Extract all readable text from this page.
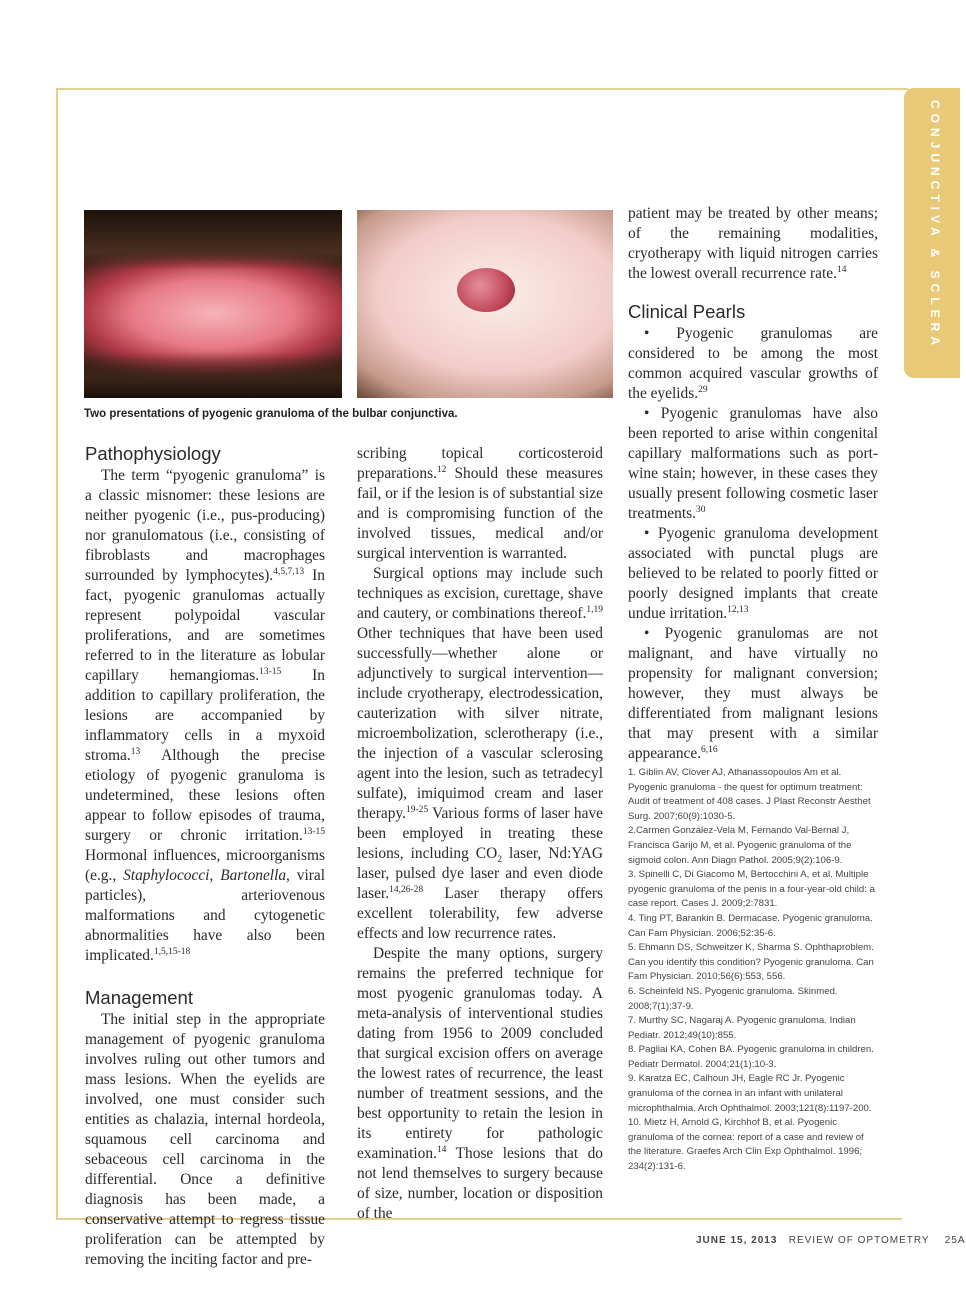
CONJUNCTIVA & SCLERA
Two presentations of pyogenic granuloma of the bulbar conjunctiva.
Pathophysiology

The term “pyogenic granuloma” is a classic misnomer: these lesions are neither pyogenic (i.e., pus-producing) nor granulomatous (i.e., consisting of fibroblasts and macrophages surrounded by lymphocytes).$^{4,5,7,13}$ In fact, pyogenic granulomas actually represent polypoidal vascular proliferations, and are sometimes referred to in the literature as lobular capillary hemangiomas.$^{13-15}$ In addition to capillary proliferation, the lesions are accompanied by inflammatory cells in a myxoid stroma.$^{13}$ Although the precise etiology of pyogenic granuloma is undetermined, these lesions often appear to follow episodes of trauma, surgery or chronic irritation.$^{13-15}$ Hormonal influences, microorganisms (e.g., Staphylococci, Bartonella, viral particles), arteriovenous malformations and cytogenetic abnormalities have also been implicated.$^{1,5,15-18}$

Management

The initial step in the appropriate management of pyogenic granuloma involves ruling out other tumors and mass lesions. When the eyelids are involved, one must consider such entities as chalazia, internal hordeola, squamous cell carcinoma and sebaceous cell carcinoma in the differential. Once a definitive diagnosis has been made, a conservative attempt to regress tissue proliferation can be attempted by removing the inciting factor and pre-

scribing topical corticosteroid preparations.$^{12}$ Should these measures fail, or if the lesion is of substantial size and is compromising function of the involved tissues, medical and/or surgical intervention is warranted.

Surgical options may include such techniques as excision, curettage, shave and cautery, or combinations thereof.$^{1,19}$ Other techniques that have been used successfully—whether alone or adjunctively to surgical intervention—include cryotherapy, electrodessication, cauterization with silver nitrate, microembolization, sclerotherapy (i.e., the injection of a vascular sclerosing agent into the lesion, such as tetradecyl sulfate), imiquimod cream and laser therapy.$^{19-25}$ Various forms of laser have been employed in treating these lesions, including $CO_2$ laser, Nd:YAG laser, pulsed dye laser and even diode laser.$^{14,26-28}$ Laser therapy offers excellent tolerability, few adverse effects and low recurrence rates.

Despite the many options, surgery remains the preferred technique for most pyogenic granulomas today. A meta-analysis of interventional studies dating from 1956 to 2009 concluded that surgical excision offers on average the lowest rates of recurrence, the least number of treatment sessions, and the best opportunity to retain the lesion in its entirety for pathologic examination.$^{14}$ Those lesions that do not lend themselves to surgery because of size, number, location or disposition of the

patient may be treated by other means; of the remaining modalities, cryotherapy with liquid nitrogen carries the lowest overall recurrence rate.$^{14}$

Clinical Pearls

• Pyogenic granulomas are considered to be among the most common acquired vascular growths of the eyelids.$^{29}$

• Pyogenic granulomas have also been reported to arise within congenital capillary malformations such as port-wine stain; however, in these cases they usually present following cosmetic laser treatments.$^{30}$

• Pyogenic granuloma development associated with punctal plugs are believed to be related to poorly fitted or poorly designed implants that create undue irritation.$^{12,13}$

• Pyogenic granulomas are not malignant, and have virtually no propensity for malignant conversion; however, they must always be differentiated from malignant lesions that may present with a similar appearance.$^{6,16}$

1. Giblin AV, Clover AJ, Athanassopoulos Am et al. Pyogenic granuloma - the quest for optimum treatment: Audit of treatment of 408 cases. J Plast Reconstr Aesthet Surg. 2007;60(9):1030-5.
2.Carmen González-Vela M, Fernando Val-Bernal J, Francisca Garijo M, et al. Pyogenic granuloma of the sigmoid colon. Ann Diagn Pathol. 2005;9(2):106-9.
3. Spinelli C, Di Giacomo M, Bertocchini A, et al. Multiple pyogenic granuloma of the penis in a four-year-old child: a case report. Cases J. 2009;2:7831.
4. Ting PT, Barankin B. Dermacase. Pyogenic granuloma. Can Fam Physician. 2006;52:35-6.
5. Ehmann DS, Schweitzer K, Sharma S. Ophthaproblem. Can you identify this condition? Pyogenic granuloma. Can Fam Physician. 2010;56(6):553, 556.
6. Scheinfeld NS. Pyogenic granuloma. Skinmed. 2008;7(1):37-9.
7. Murthy SC, Nagaraj A. Pyogenic granuloma. Indian Pediatr. 2012;49(10):855.
8. Pagliai KA, Cohen BA. Pyogenic granuloma in children. Pediatr Dermatol. 2004;21(1):10-3.
9. Karatza EC, Calhoun JH, Eagle RC Jr. Pyogenic granuloma of the cornea in an infant with unilateral microphthalmia. Arch Ophthalmol. 2003;121(8):1197-200.
10. Mietz H, Arnold G, Kirchhof B, et al. Pyogenic granuloma of the cornea: report of a case and review of the literature. Graefes Arch Clin Exp Ophthalmol. 1996; 234(2):131-6.
JUNE 15, 2013 REVIEW OF OPTOMETRY 25A
